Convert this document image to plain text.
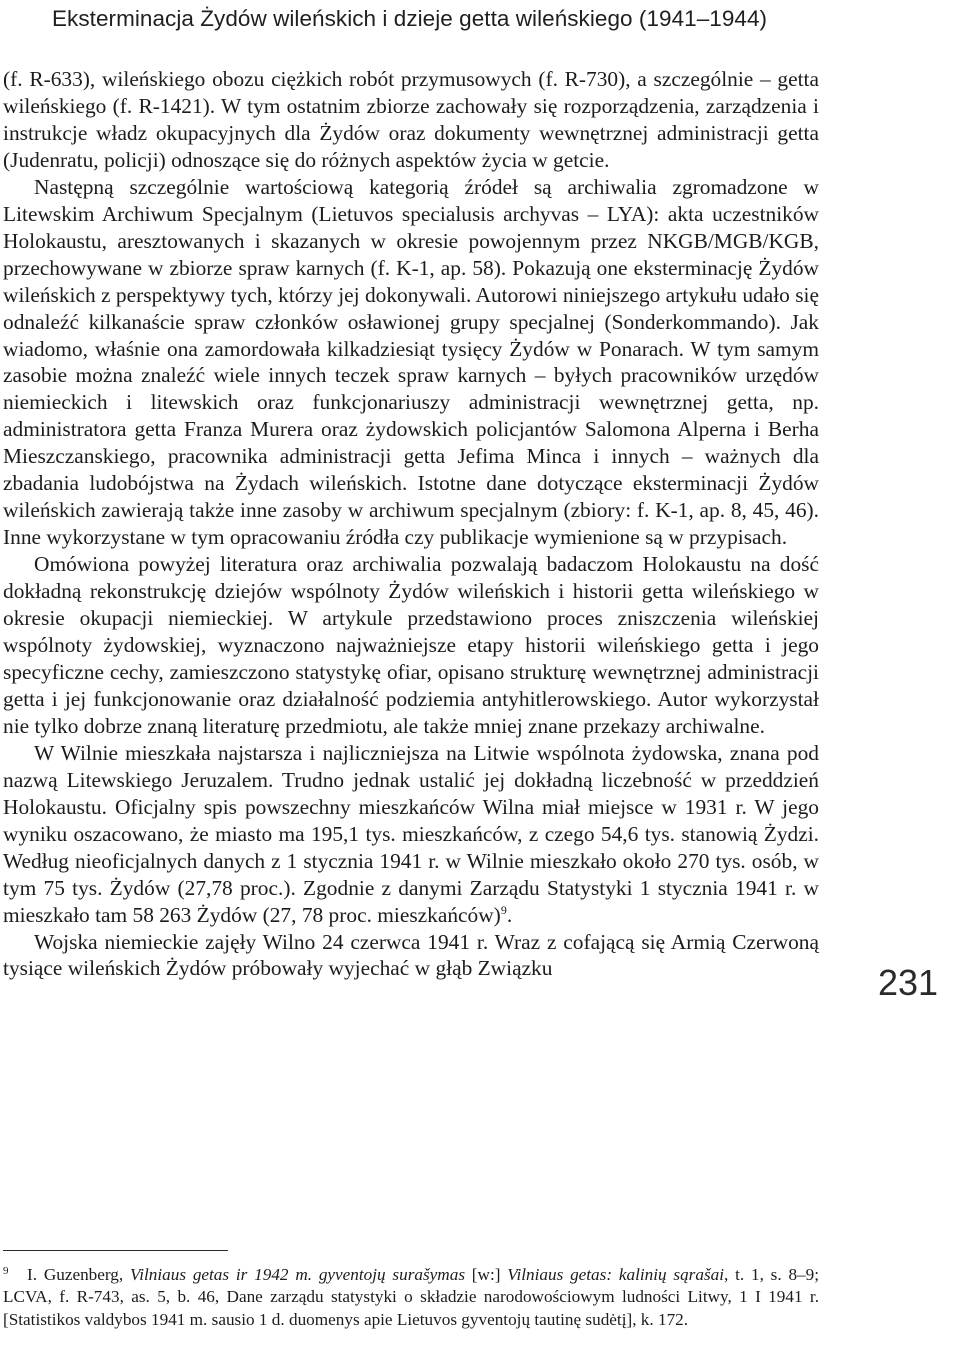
Eksterminacja Żydów wileńskich i dzieje getta wileńskiego (1941–1944)

(f. R-633), wileńskiego obozu ciężkich robót przymusowych (f. R-730), a szczególnie – getta wileńskiego (f. R-1421). W tym ostatnim zbiorze zachowały się rozporządzenia, zarządzenia i instrukcje władz okupacyjnych dla Żydów oraz dokumenty wewnętrznej administracji getta (Judenratu, policji) odnoszące się do różnych aspektów życia w getcie.

Następną szczególnie wartościową kategorią źródeł są archiwalia zgromadzone w Litewskim Archiwum Specjalnym (Lietuvos specialusis archyvas – LYA): akta uczestników Holokaustu, aresztowanych i skazanych w okresie powojennym przez NKGB/MGB/KGB, przechowywane w zbiorze spraw karnych (f. K-1, ap. 58). Pokazują one eksterminację Żydów wileńskich z perspektywy tych, którzy jej dokonywali. Autorowi niniejszego artykułu udało się odnaleźć kilkanaście spraw członków osławionej grupy specjalnej (Sonderkommando). Jak wiadomo, właśnie ona zamordowała kilkadziesiąt tysięcy Żydów w Ponarach. W tym samym zasobie można znaleźć wiele innych teczek spraw karnych – byłych pracowników urzędów niemieckich i litewskich oraz funkcjonariuszy administracji wewnętrznej getta, np. administratora getta Franza Murera oraz żydowskich policjantów Salomona Alperna i Berha Mieszczanskiego, pracownika administracji getta Jefima Minca i innych – ważnych dla zbadania ludobójstwa na Żydach wileńskich. Istotne dane dotyczące eksterminacji Żydów wileńskich zawierają także inne zasoby w archiwum specjalnym (zbiory: f. K-1, ap. 8, 45, 46). Inne wykorzystane w tym opracowaniu źródła czy publikacje wymienione są w przypisach.

Omówiona powyżej literatura oraz archiwalia pozwalają badaczom Holokaustu na dość dokładną rekonstrukcję dziejów wspólnoty Żydów wileńskich i historii getta wileńskiego w okresie okupacji niemieckiej. W artykule przedstawiono proces zniszczenia wileńskiej wspólnoty żydowskiej, wyznaczono najważniejsze etapy historii wileńskiego getta i jego specyficzne cechy, zamieszczono statystykę ofiar, opisano strukturę wewnętrznej administracji getta i jej funkcjonowanie oraz działalność podziemia antyhitlerowskiego. Autor wykorzystał nie tylko dobrze znaną literaturę przedmiotu, ale także mniej znane przekazy archiwalne.

W Wilnie mieszkała najstarsza i najliczniejsza na Litwie wspólnota żydowska, znana pod nazwą Litewskiego Jeruzalem. Trudno jednak ustalić jej dokładną liczebność w przeddzień Holokaustu. Oficjalny spis powszechny mieszkańców Wilna miał miejsce w 1931 r. W jego wyniku oszacowano, że miasto ma 195,1 tys. mieszkańców, z czego 54,6 tys. stanowią Żydzi. Według nieoficjalnych danych z 1 stycznia 1941 r. w Wilnie mieszkało około 270 tys. osób, w tym 75 tys. Żydów (27,78 proc.). Zgodnie z danymi Zarządu Statystyki 1 stycznia 1941 r. w mieszkało tam 58 263 Żydów (27, 78 proc. mieszkańców)$^9$.

Wojska niemieckie zajęły Wilno 24 czerwca 1941 r. Wraz z cofającą się Armią Czerwoną tysiące wileńskich Żydów próbowały wyjechać w głąb Związku	231

9 I. Guzenberg, Vilniaus getas ir 1942 m. gyventojų surašymas [w:] Vilniaus getas: kalinių sąrašai, t. 1, s. 8–9; LCVA, f. R-743, as. 5, b. 46, Dane zarządu statystyki o składzie narodowościowym ludności Litwy, 1 I 1941 r. [Statistikos valdybos 1941 m. sausio 1 d. duomenys apie Lietuvos gyventojų tautinę sudėtį], k. 172.
